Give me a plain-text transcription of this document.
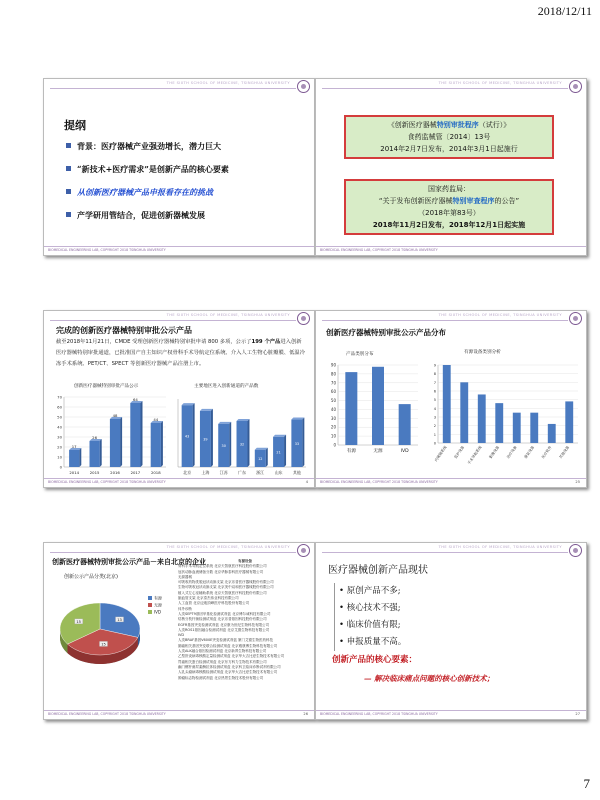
2018/12/11
THE SIXTH SCHOOL OF MEDICINE, TSINGHUA UNIVERSITY
提纲
背景：医疗器械产业强劲增长，潜力巨大
“新技术+医疗需求”是创新产品的核心要素
从创新医疗器械产品申报看存在的挑战
产学研用管结合，促进创新器械发展
BIOMEDICAL ENGINEERING LAB, COPYRIGHT 2018 TSINGHUA UNIVERSITY
THE SIXTH SCHOOL OF MEDICINE, TSINGHUA UNIVERSITY
《创新医疗器械特别审批程序（试行）》
食药监械管〔2014〕13号
2014年2月7日发布，2014年3月1日起施行
国家药监局：
“关于发布创新医疗器械特别审查程序的公告”
（2018年第83号）
2018年11月2日发布，2018年12月1日起实施
BIOMEDICAL ENGINEERING LAB, COPYRIGHT 2018 TSINGHUA UNIVERSITY
THE SIXTH SCHOOL OF MEDICINE, TSINGHUA UNIVERSITY
完成的创新医疗器械特别审批公示产品
截至2018年11月21日，CMDE 受理创新医疗器械特别审批申请 800 多项，公示了199 个产品进入创新医疗器械特别审批通道，已批准国产自主知识产权骨科手术导航定位系统、介入人工生物心脏瓣膜、低温冷冻手术系统、PET/CT、SPECT 等创新医疗器械产品注册上市。
创新医疗器械特别审批产品公示	主要地区进入创新通道的产品数
0
10
20
30
40
50
60
70
17
2014
26
2015
48
2016
64
2017
44
2018
43
北京
39
上海
30
江苏
32
广东
12
浙江
21
山东
33
其他
BIOMEDICAL ENGINEERING LAB, COPYRIGHT 2018 TSINGHUA UNIVERSITY	4
THE SIXTH SCHOOL OF MEDICINE, TSINGHUA UNIVERSITY
创新医疗器械特别审批公示产品分布
产品类别分布	有源设备类别分析
0
10
20
30
40
50
60
70
80
90
有源	无源	IVD
0
1
2
3
4
5
6
7
8
9
内窥镜系统 监护设备 手术导航系统 影像设备 治疗设备 康复设备 医疗软件 其他设备
BIOMEDICAL ENGINEERING LAB, COPYRIGHT 2018 TSINGHUA UNIVERSITY	25
THE SIXTH SCHOOL OF MEDICINE, TSINGHUA UNIVERSITY
创新医疗器械特别审批公示产品－来自北京的企业
创新公示产品分类(北京)
13
15
15
有源
无源
IVD
有源设备
骨科手术导航定位系统 北京天智航医疗科技股份有限公司
冠状动脉血流储备分数 北京华脉泰科医疗器械有限公司
无源器械
可吸收药物洗脱冠状动脉支架 北京乐普医疗器械股份有限公司
生物可吸收冠状动脉支架 北京美中双和医疗器械股份有限公司
植入式左心室辅助系统 北京天智航医疗科技股份有限公司
脑血管支架 北京泰杰伟业科技有限公司
人工血管 北京迈迪顶峰医疗科技股份有限公司
体外诊断
人类SEPT9基因甲基化检测试剂盒 北京博尔诚科技有限公司
结核分枝杆菌检测试剂盒 北京乐普基因科技股份有限公司
EGFR基因突变检测试剂盒 北京康为世纪生物科技有限公司
人类ROS1基因融合检测试剂盒 北京艾德生物科技有限公司
IVD
人类BRAF基因V600E突变检测试剂盒 厦门艾德生物医药科技
肺癌相关基因突变联合检测试剂盒 北京雅康博生物科技有限公司
人类ALK融合基因检测试剂盒 北京新羿生物科技有限公司
乙型肝炎病毒核酸定量检测试剂盒 北京华大吉比爱生物技术有限公司
胃癌相关蛋白检测试剂盒 北京东方科力生物技术有限公司
幽门螺杆菌尿素酶抗体检测试剂盒 北京科卫临床诊断试剂有限公司
人乳头瘤病毒核酸检测试剂盒 北京华大吉比爱生物技术有限公司
肿瘤标志物检测试剂盒 北京热景生物技术股份有限公司
BIOMEDICAL ENGINEERING LAB, COPYRIGHT 2018 TSINGHUA UNIVERSITY	26
THE SIXTH SCHOOL OF MEDICINE, TSINGHUA UNIVERSITY
医疗器械创新产品现状
• 原创产品不多;
• 核心技术不强;
• 临床价值有限;
• 申报质量不高。
创新产品的核心要素：
— 解决临床痛点问题的核心创新技术；
BIOMEDICAL ENGINEERING LAB, COPYRIGHT 2018 TSINGHUA UNIVERSITY	27
7
